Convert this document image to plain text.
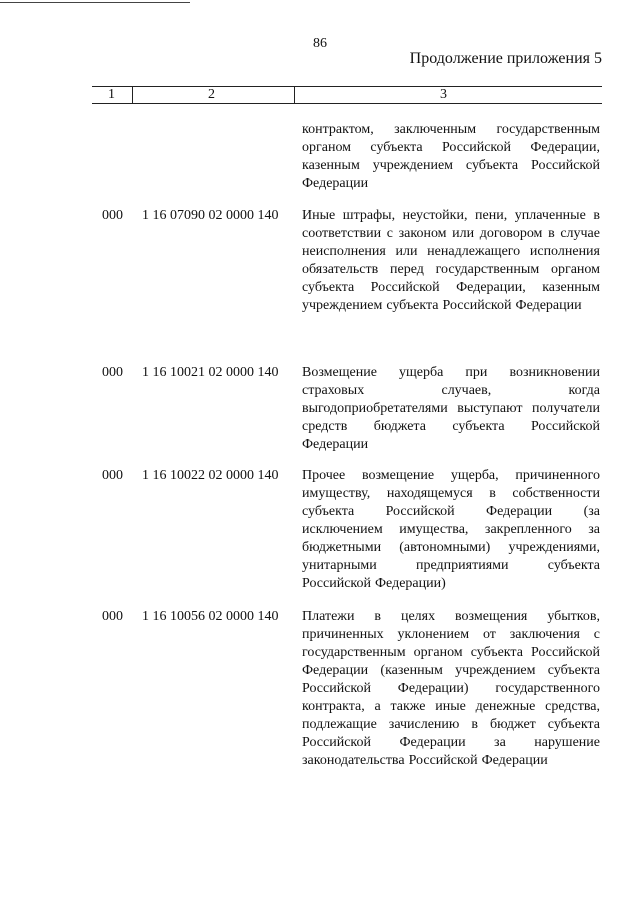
86
Продолжение приложения 5
1	2	3
контрактом, заключенным государственным органом субъекта Российской Федерации, казенным учреждением субъекта Российской Федерации
000 1 16 07090 02 0000 140 Иные штрафы, неустойки, пени, уплаченные в соответствии с законом или договором в случае неисполнения или ненадлежащего исполнения обязательств перед государственным органом субъекта Российской Федерации, казенным учреждением субъекта Российской Федерации
000 1 16 10021 02 0000 140 Возмещение ущерба при возникновении страховых случаев, когда выгодоприобретателями выступают получатели средств бюджета субъекта Российской Федерации
000 1 16 10022 02 0000 140 Прочее возмещение ущерба, причиненного имуществу, находящемуся в собственности субъекта Российской Федерации (за исключением имущества, закрепленного за бюджетными (автономными) учреждениями, унитарными предприятиями субъекта Российской Федерации)
000 1 16 10056 02 0000 140 Платежи в целях возмещения убытков, причиненных уклонением от заключения с государственным органом субъекта Российской Федерации (казенным учреждением субъекта Российской Федерации) государственного контракта, а также иные денежные средства, подлежащие зачислению в бюджет субъекта Российской Федерации за нарушение законодательства Российской Федерации
